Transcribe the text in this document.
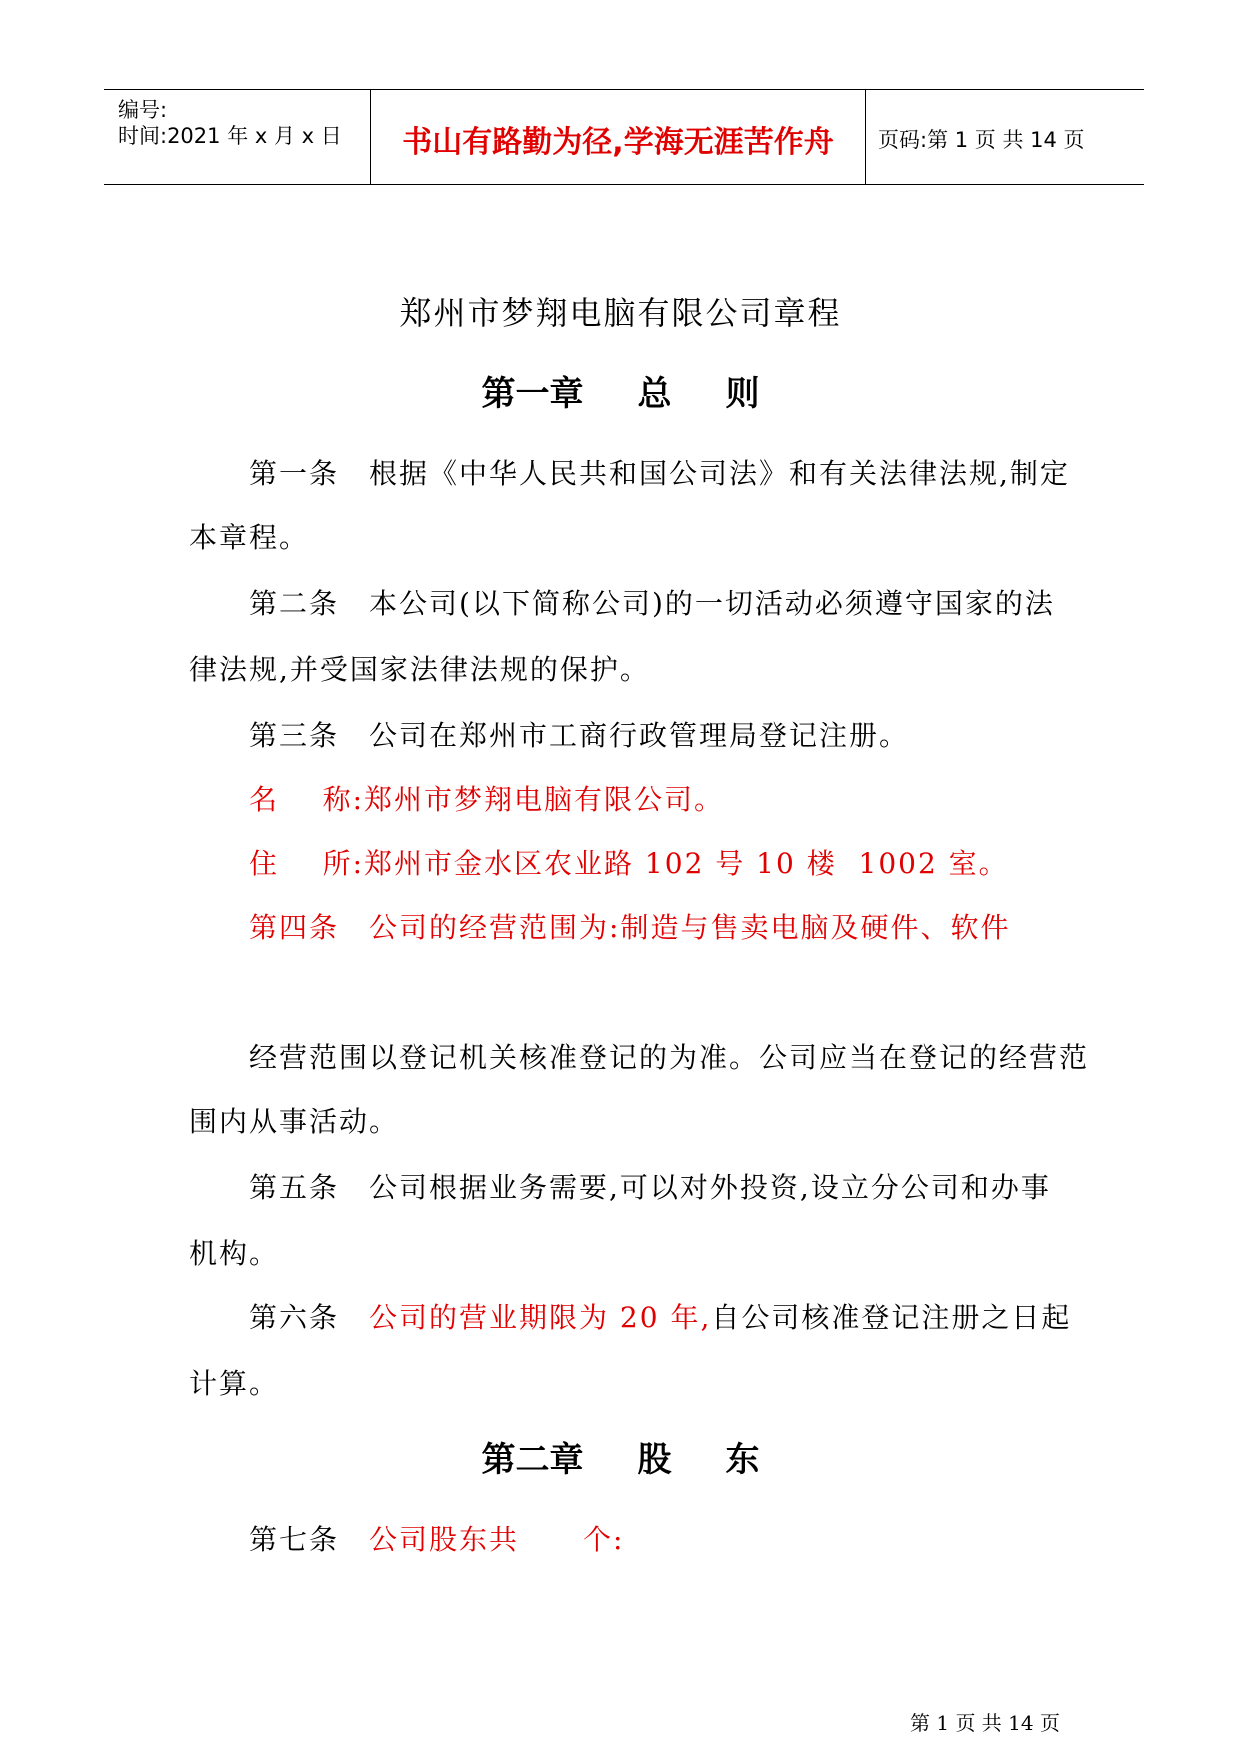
编号:
时间:2021 年 x 月 x 日	书山有路勤为径,学海无涯苦作舟	页码:第 1 页 共 14 页
郑州市梦翔电脑有限公司章程
第一章 总 则
第一条 根据《中华人民共和国公司法》和有关法律法规,制定
本章程。
第二条 本公司(以下简称公司)的一切活动必须遵守国家的法
律法规,并受国家法律法规的保护。
第三条 公司在郑州市工商行政管理局登记注册。
名    称:郑州市梦翔电脑有限公司。
住    所:郑州市金水区农业路 102 号 10 楼  1002 室。
第四条 公司的经营范围为:制造与售卖电脑及硬件、软件
经营范围以登记机关核准登记的为准。公司应当在登记的经营范
围内从事活动。
第五条 公司根据业务需要,可以对外投资,设立分公司和办事
机构。
第六条 公司的营业期限为 20 年,自公司核准登记注册之日起
计算。
第二章 股 东
第七条 公司股东共 个:
第 1 页 共 14 页
